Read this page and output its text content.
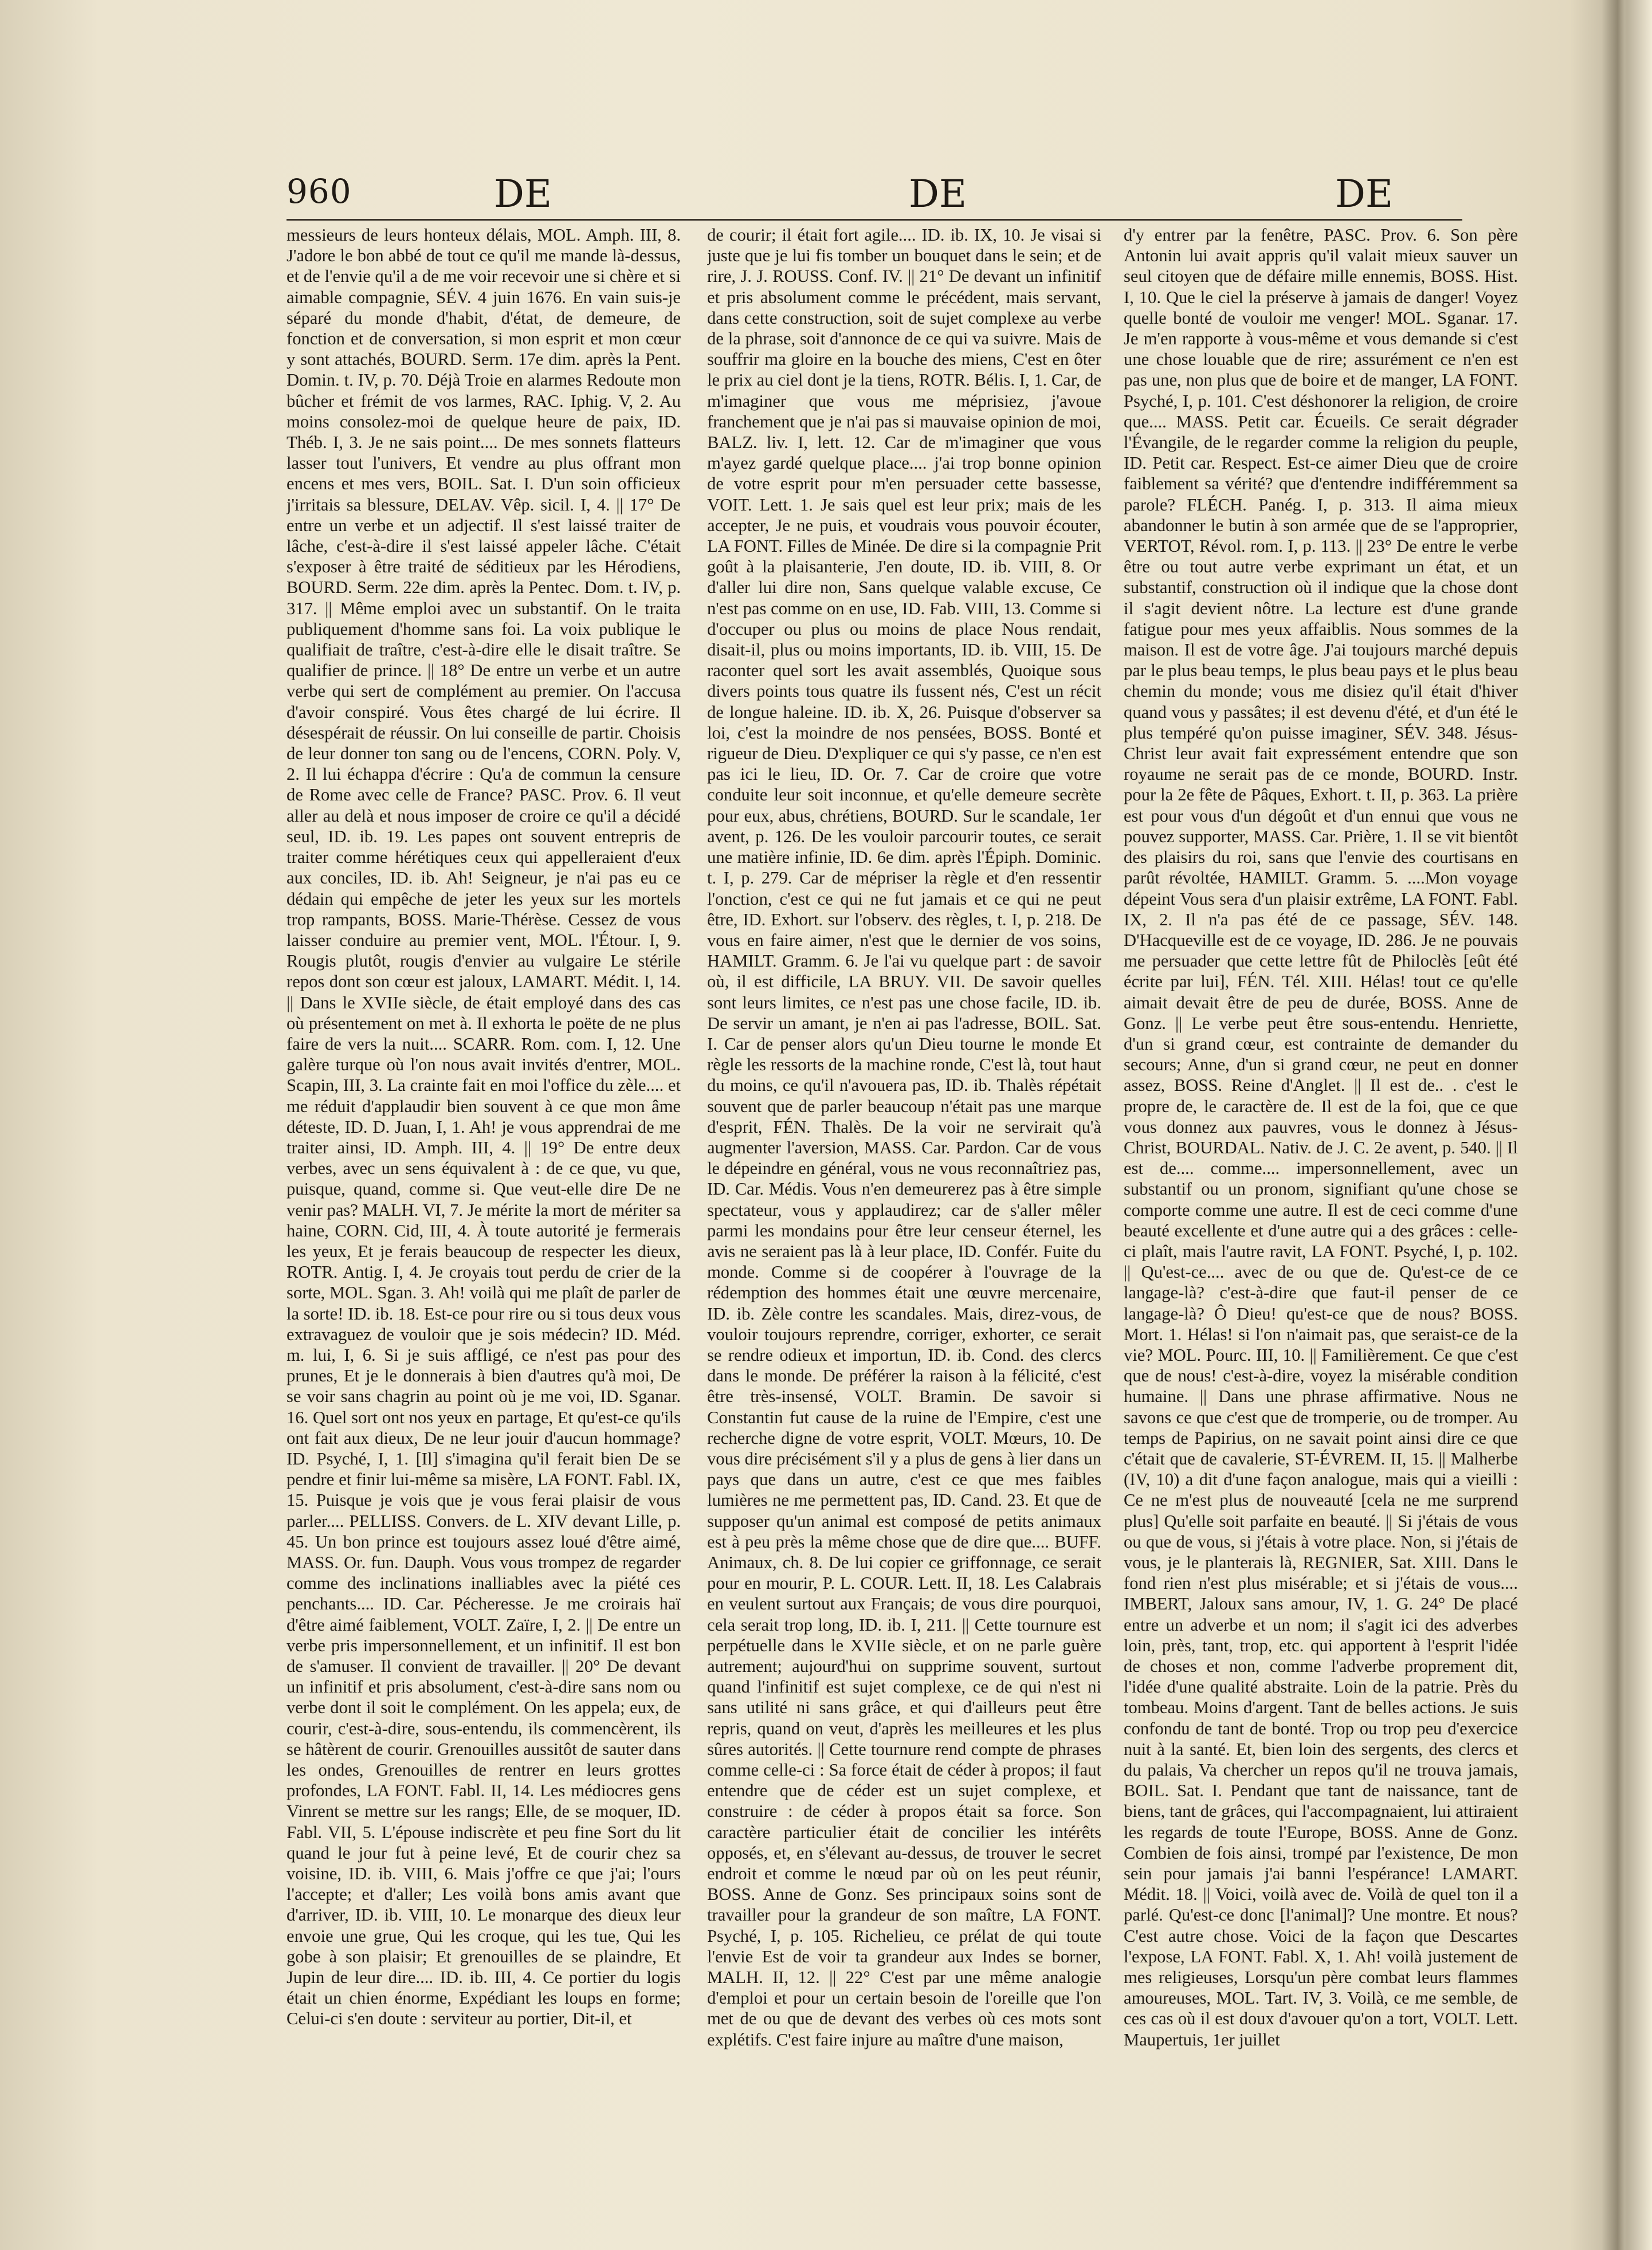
960	DE	DE	DE
messieurs de leurs honteux délais, MOL. Amph. III, 8. J'adore le bon abbé de tout ce qu'il me mande là-dessus, et de l'envie qu'il a de me voir recevoir une si chère et si aimable compagnie, SÉV. 4 juin 1676. En vain suis-je séparé du monde d'habit, d'état, de demeure, de fonction et de conversation, si mon esprit et mon cœur y sont attachés, BOURD. Serm. 17e dim. après la Pent. Domin. t. IV, p. 70. Déjà Troie en alarmes Redoute mon bûcher et frémit de vos larmes, RAC. Iphig. V, 2. Au moins consolez-moi de quelque heure de paix, ID. Théb. I, 3. Je ne sais point.... De mes sonnets flatteurs lasser tout l'univers, Et vendre au plus offrant mon encens et mes vers, BOIL. Sat. I. D'un soin officieux j'irritais sa blessure, DELAV. Vêp. sicil. I, 4. || 17° De entre un verbe et un adjectif. Il s'est laissé traiter de lâche, c'est-à-dire il s'est laissé appeler lâche. C'était s'exposer à être traité de séditieux par les Hérodiens, BOURD. Serm. 22e dim. après la Pentec. Dom. t. IV, p. 317. || Même emploi avec un substantif. On le traita publiquement d'homme sans foi. La voix publique le qualifiait de traître, c'est-à-dire elle le disait traître. Se qualifier de prince. || 18° De entre un verbe et un autre verbe qui sert de complément au premier. On l'accusa d'avoir conspiré. Vous êtes chargé de lui écrire. Il désespérait de réussir. On lui conseille de partir. Choisis de leur donner ton sang ou de l'encens, CORN. Poly. V, 2. Il lui échappa d'écrire : Qu'a de commun la censure de Rome avec celle de France? PASC. Prov. 6. Il veut aller au delà et nous imposer de croire ce qu'il a décidé seul, ID. ib. 19. Les papes ont souvent entrepris de traiter comme hérétiques ceux qui appelleraient d'eux aux conciles, ID. ib. Ah! Seigneur, je n'ai pas eu ce dédain qui empêche de jeter les yeux sur les mortels trop rampants, BOSS. Marie-Thérèse. Cessez de vous laisser conduire au premier vent, MOL. l'Étour. I, 9. Rougis plutôt, rougis d'envier au vulgaire Le stérile repos dont son cœur est jaloux, LAMART. Médit. I, 14. || Dans le XVIIe siècle, de était employé dans des cas où présentement on met à. Il exhorta le poëte de ne plus faire de vers la nuit.... SCARR. Rom. com. I, 12. Une galère turque où l'on nous avait invités d'entrer, MOL. Scapin, III, 3. La crainte fait en moi l'office du zèle.... et me réduit d'applaudir bien souvent à ce que mon âme déteste, ID. D. Juan, I, 1. Ah! je vous apprendrai de me traiter ainsi, ID. Amph. III, 4. || 19° De entre deux verbes, avec un sens équivalent à : de ce que, vu que, puisque, quand, comme si. Que veut-elle dire De ne venir pas? MALH. VI, 7. Je mérite la mort de mériter sa haine, CORN. Cid, III, 4. À toute autorité je fermerais les yeux, Et je ferais beaucoup de respecter les dieux, ROTR. Antig. I, 4. Je croyais tout perdu de crier de la sorte, MOL. Sgan. 3. Ah! voilà qui me plaît de parler de la sorte! ID. ib. 18. Est-ce pour rire ou si tous deux vous extravaguez de vouloir que je sois médecin? ID. Méd. m. lui, I, 6. Si je suis affligé, ce n'est pas pour des prunes, Et je le donnerais à bien d'autres qu'à moi, De se voir sans chagrin au point où je me voi, ID. Sganar. 16. Quel sort ont nos yeux en partage, Et qu'est-ce qu'ils ont fait aux dieux, De ne leur jouir d'aucun hommage? ID. Psyché, I, 1. [Il] s'imagina qu'il ferait bien De se pendre et finir lui-même sa misère, LA FONT. Fabl. IX, 15. Puisque je vois que je vous ferai plaisir de vous parler.... PELLISS. Convers. de L. XIV devant Lille, p. 45. Un bon prince est toujours assez loué d'être aimé, MASS. Or. fun. Dauph. Vous vous trompez de regarder comme des inclinations inalliables avec la piété ces penchants.... ID. Car. Pécheresse. Je me croirais haï d'être aimé faiblement, VOLT. Zaïre, I, 2. || De entre un verbe pris impersonnellement, et un infinitif. Il est bon de s'amuser. Il convient de travailler. || 20° De devant un infinitif et pris absolument, c'est-à-dire sans nom ou verbe dont il soit le complément. On les appela; eux, de courir, c'est-à-dire, sous-entendu, ils commencèrent, ils se hâtèrent de courir. Grenouilles aussitôt de sauter dans les ondes, Grenouilles de rentrer en leurs grottes profondes, LA FONT. Fabl. II, 14. Les médiocres gens Vinrent se mettre sur les rangs; Elle, de se moquer, ID. Fabl. VII, 5. L'épouse indiscrète et peu fine Sort du lit quand le jour fut à peine levé, Et de courir chez sa voisine, ID. ib. VIII, 6. Mais j'offre ce que j'ai; l'ours l'accepte; et d'aller; Les voilà bons amis avant que d'arriver, ID. ib. VIII, 10. Le monarque des dieux leur envoie une grue, Qui les croque, qui les tue, Qui les gobe à son plaisir; Et grenouilles de se plaindre, Et Jupin de leur dire.... ID. ib. III, 4. Ce portier du logis était un chien énorme, Expédiant les loups en forme; Celui-ci s'en doute : serviteur au portier, Dit-il, et
de courir; il était fort agile.... ID. ib. IX, 10. Je visai si juste que je lui fis tomber un bouquet dans le sein; et de rire, J. J. ROUSS. Conf. IV. || 21° De devant un infinitif et pris absolument comme le précédent, mais servant, dans cette construction, soit de sujet complexe au verbe de la phrase, soit d'annonce de ce qui va suivre. Mais de souffrir ma gloire en la bouche des miens, C'est en ôter le prix au ciel dont je la tiens, ROTR. Bélis. I, 1. Car, de m'imaginer que vous me méprisiez, j'avoue franchement que je n'ai pas si mauvaise opinion de moi, BALZ. liv. I, lett. 12. Car de m'imaginer que vous m'ayez gardé quelque place.... j'ai trop bonne opinion de votre esprit pour m'en persuader cette bassesse, VOIT. Lett. 1. Je sais quel est leur prix; mais de les accepter, Je ne puis, et voudrais vous pouvoir écouter, LA FONT. Filles de Minée. De dire si la compagnie Prit goût à la plaisanterie, J'en doute, ID. ib. VIII, 8. Or d'aller lui dire non, Sans quelque valable excuse, Ce n'est pas comme on en use, ID. Fab. VIII, 13. Comme si d'occuper ou plus ou moins de place Nous rendait, disait-il, plus ou moins importants, ID. ib. VIII, 15. De raconter quel sort les avait assemblés, Quoique sous divers points tous quatre ils fussent nés, C'est un récit de longue haleine. ID. ib. X, 26. Puisque d'observer sa loi, c'est la moindre de nos pensées, BOSS. Bonté et rigueur de Dieu. D'expliquer ce qui s'y passe, ce n'en est pas ici le lieu, ID. Or. 7. Car de croire que votre conduite leur soit inconnue, et qu'elle demeure secrète pour eux, abus, chrétiens, BOURD. Sur le scandale, 1er avent, p. 126. De les vouloir parcourir toutes, ce serait une matière infinie, ID. 6e dim. après l'Épiph. Dominic. t. I, p. 279. Car de mépriser la règle et d'en ressentir l'onction, c'est ce qui ne fut jamais et ce qui ne peut être, ID. Exhort. sur l'observ. des règles, t. I, p. 218. De vous en faire aimer, n'est que le dernier de vos soins, HAMILT. Gramm. 6. Je l'ai vu quelque part : de savoir où, il est difficile, LA BRUY. VII. De savoir quelles sont leurs limites, ce n'est pas une chose facile, ID. ib. De servir un amant, je n'en ai pas l'adresse, BOIL. Sat. I. Car de penser alors qu'un Dieu tourne le monde Et règle les ressorts de la machine ronde, C'est là, tout haut du moins, ce qu'il n'avouera pas, ID. ib. Thalès répétait souvent que de parler beaucoup n'était pas une marque d'esprit, FÉN. Thalès. De la voir ne servirait qu'à augmenter l'aversion, MASS. Car. Pardon. Car de vous le dépeindre en général, vous ne vous reconnaîtriez pas, ID. Car. Médis. Vous n'en demeurerez pas à être simple spectateur, vous y applaudirez; car de s'aller mêler parmi les mondains pour être leur censeur éternel, les avis ne seraient pas là à leur place, ID. Confér. Fuite du monde. Comme si de coopérer à l'ouvrage de la rédemption des hommes était une œuvre mercenaire, ID. ib. Zèle contre les scandales. Mais, direz-vous, de vouloir toujours reprendre, corriger, exhorter, ce serait se rendre odieux et importun, ID. ib. Cond. des clercs dans le monde. De préférer la raison à la félicité, c'est être très-insensé, VOLT. Bramin. De savoir si Constantin fut cause de la ruine de l'Empire, c'est une recherche digne de votre esprit, VOLT. Mœurs, 10. De vous dire précisément s'il y a plus de gens à lier dans un pays que dans un autre, c'est ce que mes faibles lumières ne me permettent pas, ID. Cand. 23. Et que de supposer qu'un animal est composé de petits animaux est à peu près la même chose que de dire que.... BUFF. Animaux, ch. 8. De lui copier ce griffonnage, ce serait pour en mourir, P. L. COUR. Lett. II, 18. Les Calabrais en veulent surtout aux Français; de vous dire pourquoi, cela serait trop long, ID. ib. I, 211. || Cette tournure est perpétuelle dans le XVIIe siècle, et on ne parle guère autrement; aujourd'hui on supprime souvent, surtout quand l'infinitif est sujet complexe, ce de qui n'est ni sans utilité ni sans grâce, et qui d'ailleurs peut être repris, quand on veut, d'après les meilleures et les plus sûres autorités. || Cette tournure rend compte de phrases comme celle-ci : Sa force était de céder à propos; il faut entendre que de céder est un sujet complexe, et construire : de céder à propos était sa force. Son caractère particulier était de concilier les intérêts opposés, et, en s'élevant au-dessus, de trouver le secret endroit et comme le nœud par où on les peut réunir, BOSS. Anne de Gonz. Ses principaux soins sont de travailler pour la grandeur de son maître, LA FONT. Psyché, I, p. 105. Richelieu, ce prélat de qui toute l'envie Est de voir ta grandeur aux Indes se borner, MALH. II, 12. || 22° C'est par une même analogie d'emploi et pour un certain besoin de l'oreille que l'on met de ou que de devant des verbes où ces mots sont explétifs. C'est faire injure au maître d'une maison,
d'y entrer par la fenêtre, PASC. Prov. 6. Son père Antonin lui avait appris qu'il valait mieux sauver un seul citoyen que de défaire mille ennemis, BOSS. Hist. I, 10. Que le ciel la préserve à jamais de danger! Voyez quelle bonté de vouloir me venger! MOL. Sganar. 17. Je m'en rapporte à vous-même et vous demande si c'est une chose louable que de rire; assurément ce n'en est pas une, non plus que de boire et de manger, LA FONT. Psyché, I, p. 101. C'est déshonorer la religion, de croire que.... MASS. Petit car. Écueils. Ce serait dégrader l'Évangile, de le regarder comme la religion du peuple, ID. Petit car. Respect. Est-ce aimer Dieu que de croire faiblement sa vérité? que d'entendre indifféremment sa parole? FLÉCH. Panég. I, p. 313. Il aima mieux abandonner le butin à son armée que de se l'approprier, VERTOT, Révol. rom. I, p. 113. || 23° De entre le verbe être ou tout autre verbe exprimant un état, et un substantif, construction où il indique que la chose dont il s'agit devient nôtre. La lecture est d'une grande fatigue pour mes yeux affaiblis. Nous sommes de la maison. Il est de votre âge. J'ai toujours marché depuis par le plus beau temps, le plus beau pays et le plus beau chemin du monde; vous me disiez qu'il était d'hiver quand vous y passâtes; il est devenu d'été, et d'un été le plus tempéré qu'on puisse imaginer, SÉV. 348. Jésus-Christ leur avait fait expressément entendre que son royaume ne serait pas de ce monde, BOURD. Instr. pour la 2e fête de Pâques, Exhort. t. II, p. 363. La prière est pour vous d'un dégoût et d'un ennui que vous ne pouvez supporter, MASS. Car. Prière, 1. Il se vit bientôt des plaisirs du roi, sans que l'envie des courtisans en parût révoltée, HAMILT. Gramm. 5. ....Mon voyage dépeint Vous sera d'un plaisir extrême, LA FONT. Fabl. IX, 2. Il n'a pas été de ce passage, SÉV. 148. D'Hacqueville est de ce voyage, ID. 286. Je ne pouvais me persuader que cette lettre fût de Philoclès [eût été écrite par lui], FÉN. Tél. XIII. Hélas! tout ce qu'elle aimait devait être de peu de durée, BOSS. Anne de Gonz. || Le verbe peut être sous-entendu. Henriette, d'un si grand cœur, est contrainte de demander du secours; Anne, d'un si grand cœur, ne peut en donner assez, BOSS. Reine d'Anglet. || Il est de.. . c'est le propre de, le caractère de. Il est de la foi, que ce que vous donnez aux pauvres, vous le donnez à Jésus-Christ, BOURDAL. Nativ. de J. C. 2e avent, p. 540. || Il est de.... comme.... impersonnellement, avec un substantif ou un pronom, signifiant qu'une chose se comporte comme une autre. Il est de ceci comme d'une beauté excellente et d'une autre qui a des grâces : celle-ci plaît, mais l'autre ravit, LA FONT. Psyché, I, p. 102. || Qu'est-ce.... avec de ou que de. Qu'est-ce de ce langage-là? c'est-à-dire que faut-il penser de ce langage-là? Ô Dieu! qu'est-ce que de nous? BOSS. Mort. 1. Hélas! si l'on n'aimait pas, que seraist-ce de la vie? MOL. Pourc. III, 10. || Familièrement. Ce que c'est que de nous! c'est-à-dire, voyez la misérable condition humaine. || Dans une phrase affirmative. Nous ne savons ce que c'est que de tromperie, ou de tromper. Au temps de Papirius, on ne savait point ainsi dire ce que c'était que de cavalerie, ST-ÉVREM. II, 15. || Malherbe (IV, 10) a dit d'une façon analogue, mais qui a vieilli : Ce ne m'est plus de nouveauté [cela ne me surprend plus] Qu'elle soit parfaite en beauté. || Si j'étais de vous ou que de vous, si j'étais à votre place. Non, si j'étais de vous, je le planterais là, REGNIER, Sat. XIII. Dans le fond rien n'est plus misérable; et si j'étais de vous.... IMBERT, Jaloux sans amour, IV, 1. G. 24° De placé entre un adverbe et un nom; il s'agit ici des adverbes loin, près, tant, trop, etc. qui apportent à l'esprit l'idée de choses et non, comme l'adverbe proprement dit, l'idée d'une qualité abstraite. Loin de la patrie. Près du tombeau. Moins d'argent. Tant de belles actions. Je suis confondu de tant de bonté. Trop ou trop peu d'exercice nuit à la santé. Et, bien loin des sergents, des clercs et du palais, Va chercher un repos qu'il ne trouva jamais, BOIL. Sat. I. Pendant que tant de naissance, tant de biens, tant de grâces, qui l'accompagnaient, lui attiraient les regards de toute l'Europe, BOSS. Anne de Gonz. Combien de fois ainsi, trompé par l'existence, De mon sein pour jamais j'ai banni l'espérance! LAMART. Médit. 18. || Voici, voilà avec de. Voilà de quel ton il a parlé. Qu'est-ce donc [l'animal]? Une montre. Et nous? C'est autre chose. Voici de la façon que Descartes l'expose, LA FONT. Fabl. X, 1. Ah! voilà justement de mes religieuses, Lorsqu'un père combat leurs flammes amoureuses, MOL. Tart. IV, 3. Voilà, ce me semble, de ces cas où il est doux d'avouer qu'on a tort, VOLT. Lett. Maupertuis, 1er juillet
